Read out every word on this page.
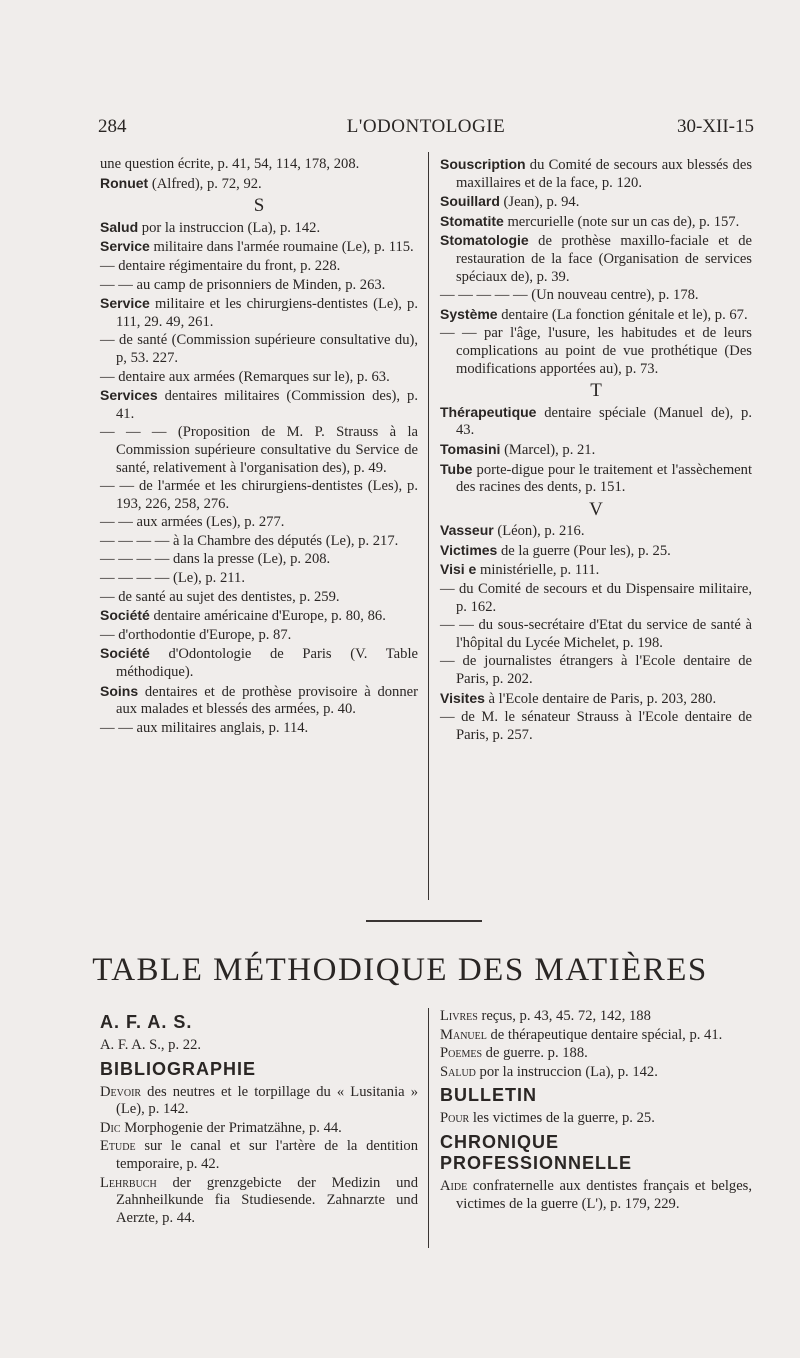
284	L'ODONTOLOGIE	30-XII-15
une question écrite, p. 41, 54, 114, 178, 208.
Ronuet (Alfred), p. 72, 92.
S
Salud por la instruccion (La), p. 142.
Service militaire dans l'armée roumaine (Le), p. 115.
— dentaire régimentaire du front, p. 228.
— — au camp de prisonniers de Minden, p. 263.
Service militaire et les chirurgiens-dentistes (Le), p. 111, 29. 49, 261.
— de santé (Commission supérieure consultative du), p, 53. 227.
— dentaire aux armées (Remarques sur le), p. 63.
Services dentaires militaires (Commission des), p. 41.
— — — (Proposition de M. P. Strauss à la Commission supérieure consultative du Service de santé, relativement à l'organisation des), p. 49.
— — de l'armée et les chirurgiens-dentistes (Les), p. 193, 226, 258, 276.
— — aux armées (Les), p. 277.
— — — — à la Chambre des députés (Le), p. 217.
— — — — dans la presse (Le), p. 208.
— — — — (Le), p. 211.
— de santé au sujet des dentistes, p. 259.
Société dentaire américaine d'Europe, p. 80, 86.
— d'orthodontie d'Europe, p. 87.
Société d'Odontologie de Paris (V. Table méthodique).
Soins dentaires et de prothèse provisoire à donner aux malades et blessés des armées, p. 40.
— — aux militaires anglais, p. 114.
Souscription du Comité de secours aux blessés des maxillaires et de la face, p. 120.
Souillard (Jean), p. 94.
Stomatite mercurielle (note sur un cas de), p. 157.
Stomatologie de prothèse maxillo-faciale et de restauration de la face (Organisation de services spéciaux de), p. 39.
— — — — — (Un nouveau centre), p. 178.
Système dentaire (La fonction génitale et le), p. 67.
— — par l'âge, l'usure, les habitudes et de leurs complications au point de vue prothétique (Des modifications apportées au), p. 73.
T
Thérapeutique dentaire spéciale (Manuel de), p. 43.
Tomasini (Marcel), p. 21.
Tube porte-digue pour le traitement et l'assèchement des racines des dents, p. 151.
V
Vasseur (Léon), p. 216.
Victimes de la guerre (Pour les), p. 25.
Visi e ministérielle, p. 111.
— du Comité de secours et du Dispensaire militaire, p. 162.
— — du sous-secrétaire d'Etat du service de santé à l'hôpital du Lycée Michelet, p. 198.
— de journalistes étrangers à l'Ecole dentaire de Paris, p. 202.
Visites à l'Ecole dentaire de Paris, p. 203, 280.
— de M. le sénateur Strauss à l'Ecole dentaire de Paris, p. 257.
TABLE MÉTHODIQUE DES MATIÈRES
A. F. A. S.
A. F. A. S., p. 22.
BIBLIOGRAPHIE
Devoir des neutres et le torpillage du « Lusitania » (Le), p. 142.
Dic Morphogenie der Primatzähne, p. 44.
Etude sur le canal et sur l'artère de la dentition temporaire, p. 42.
Lehrbuch der grenzgebicte der Medizin und Zahnheilkunde fia Studiesende. Zahnarzte und Aerzte, p. 44.
Livres reçus, p. 43, 45. 72, 142, 188
Manuel de thérapeutique dentaire spécial, p. 41.
Poemes de guerre. p. 188.
Salud por la instruccion (La), p. 142.
BULLETIN
Pour les victimes de la guerre, p. 25.
CHRONIQUE PROFESSIONNELLE
Aide confraternelle aux dentistes français et belges, victimes de la guerre (L'), p. 179, 229.
